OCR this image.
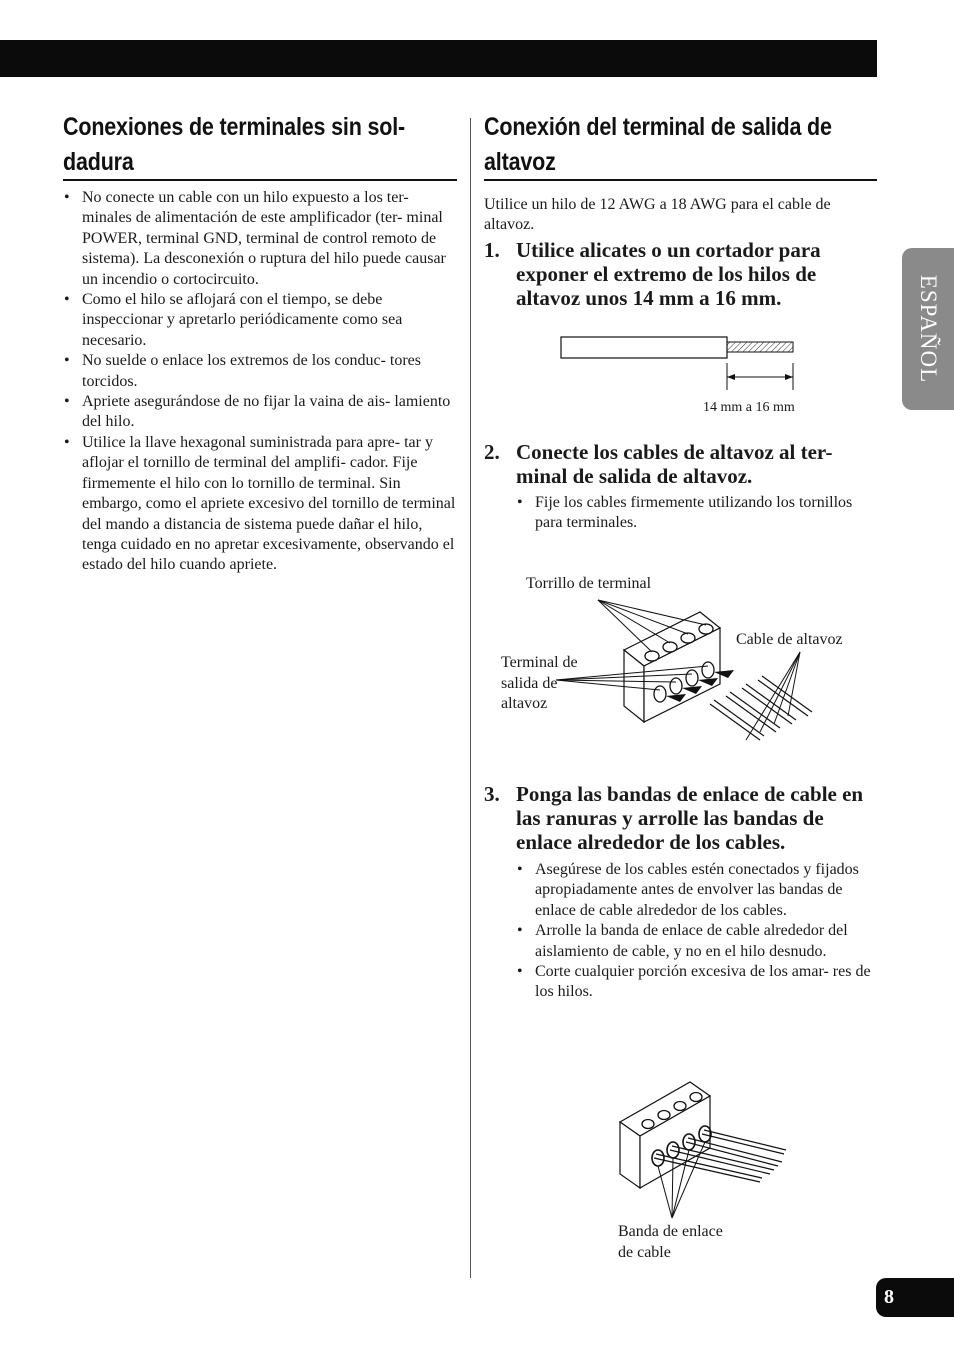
ESPAÑOL
8
Conexiones de terminales sin sol-
dadura
• No conecte un cable con un hilo expuesto a los ter- minales de alimentación de este amplificador (ter- minal POWER, terminal GND, terminal de control remoto de sistema). La desconexión o ruptura del hilo puede causar un incendio o cortocircuito.
• Como el hilo se aflojará con el tiempo, se debe inspeccionar y apretarlo periódicamente como sea necesario.
• No suelde o enlace los extremos de los conduc- tores torcidos.
• Apriete asegurándose de no fijar la vaina de ais- lamiento del hilo.
• Utilice la llave hexagonal suministrada para apre- tar y aflojar el tornillo de terminal del amplifi- cador. Fije firmemente el hilo con lo tornillo de terminal. Sin embargo, como el apriete excesivo del tornillo de terminal del mando a distancia de sistema puede dañar el hilo, tenga cuidado en no apretar excesivamente, observando el estado del hilo cuando apriete.
Conexión del terminal de salida de
altavoz

Utilice un hilo de 12 AWG a 18 AWG para el cable de altavoz.

1. Utilice alicates o un cortador para exponer el extremo de los hilos de altavoz unos 14 mm a 16 mm.

14 mm a 16 mm

2. Conecte los cables de altavoz al ter- minal de salida de altavoz.

• Fije los cables firmemente utilizando los tornillos para terminales.
Torrillo de terminal
Cable de altavoz
Terminal de
salida de
altavoz

3. Ponga las bandas de enlace de cable en las ranuras y arrolle las bandas de enlace alrededor de los cables.

• Asegúrese de los cables estén conectados y fijados apropiadamente antes de envolver las bandas de enlace de cable alrededor de los cables.
• Arrolle la banda de enlace de cable alrededor del aislamiento de cable, y no en el hilo desnudo.
• Corte cualquier porción excesiva de los amar- res de los hilos.
Banda de enlace
de cable
